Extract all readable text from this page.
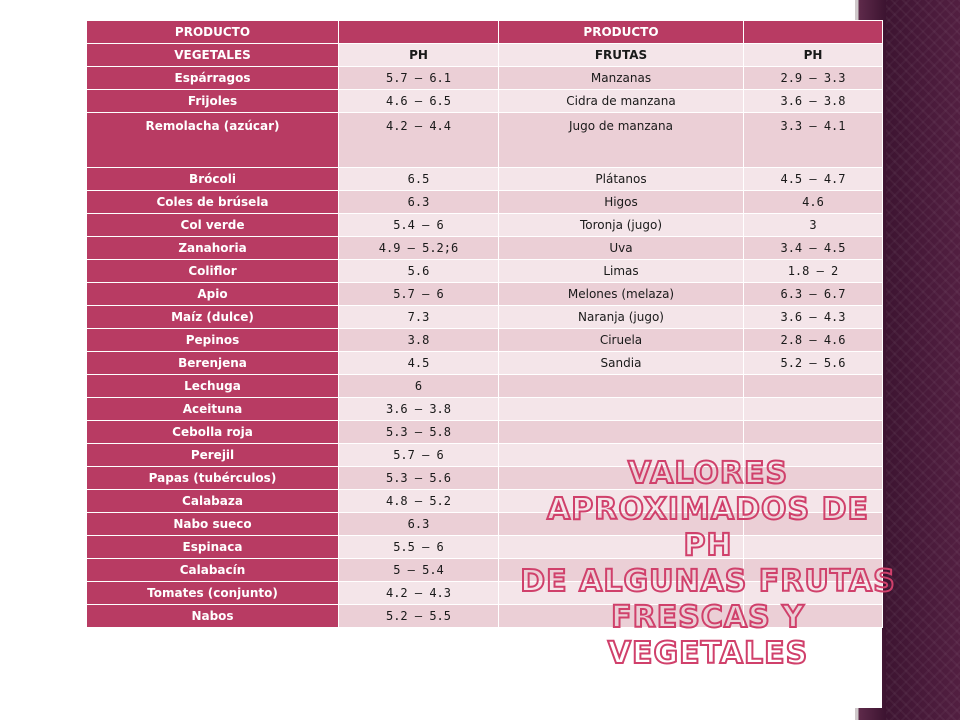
PRODUCTO		PRODUCTO	
VEGETALES	PH	FRUTAS	PH
Espárragos	5.7 – 6.1	Manzanas	2.9 – 3.3
Frijoles	4.6 – 6.5	Cidra de manzana	3.6 – 3.8
Remolacha (azúcar)	4.2 – 4.4	Jugo de manzana	3.3 – 4.1
Brócoli	6.5	Plátanos	4.5 – 4.7
Coles de brúsela	6.3	Higos	4.6
Col verde	5.4 – 6	Toronja (jugo)	3
Zanahoria	4.9 – 5.2;6	Uva	3.4 – 4.5
Coliflor	5.6	Limas	1.8 – 2
Apio	5.7 – 6	Melones (melaza)	6.3 – 6.7
Maíz (dulce)	7.3	Naranja (jugo)	3.6 – 4.3
Pepinos	3.8	Ciruela	2.8 – 4.6
Berenjena	4.5	Sandia	5.2 – 5.6
Lechuga	6		
Aceituna	3.6 – 3.8		
Cebolla roja	5.3 – 5.8		
Perejil	5.7 – 6		
Papas (tubérculos)	5.3 – 5.6		
Calabaza	4.8 – 5.2		
Nabo sueco	6.3		
Espinaca	5.5 – 6		
Calabacín	5 – 5.4		
Tomates (conjunto)	4.2 – 4.3		
Nabos	5.2 – 5.5		
VALORES
APROXIMADOS DE PH
DE ALGUNAS FRUTAS
FRESCAS Y
VEGETALES
